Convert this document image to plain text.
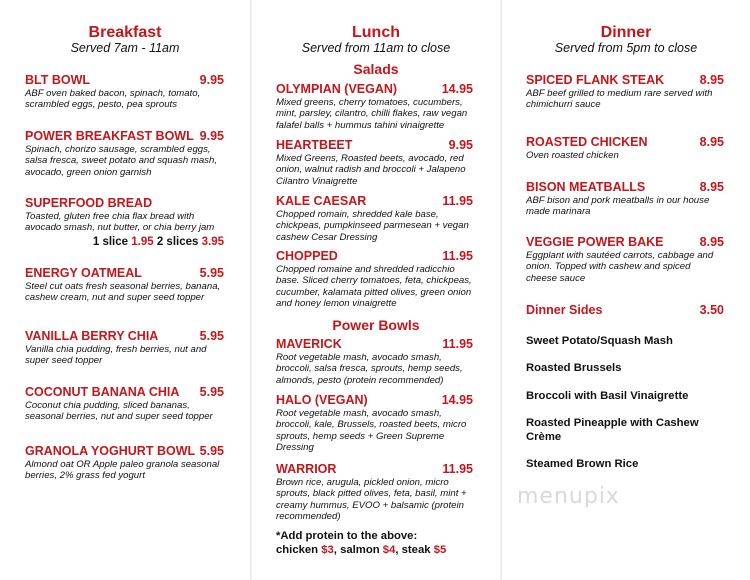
Breakfast
Served 7am - 11am
BLT BOWL	9.95
ABF oven baked bacon, spinach, tomato, scrambled eggs, pesto, pea sprouts
POWER BREAKFAST BOWL 9.95
Spinach, chorizo sausage, scrambled eggs, salsa fresca, sweet potato and squash mash, avocado, green onion garnish
SUPERFOOD BREAD
Toasted, gluten free chia flax bread with avocado smash, nut butter, or chia berry jam
1 slice 1.95 2 slices 3.95
ENERGY OATMEAL	5.95
Steel cut oats fresh seasonal berries, banana, cashew cream, nut and super seed topper
VANILLA BERRY CHIA	5.95
Vanilla chia pudding, fresh berries, nut and super seed topper
COCONUT BANANA CHIA 5.95
Coconut chia pudding, sliced bananas, seasonal berries, nut and super seed topper
GRANOLA YOGHURT BOWL 5.95
Almond oat OR Apple paleo granola seasonal berries, 2% grass fed yogurt
Lunch
Served from 11am to close
Salads
OLYMPIAN (VEGAN)	14.95
Mixed greens, cherry tomatoes, cucumbers, mint, parsley, cilantro, chilli flakes, raw vegan falafel balls + hummus tahini vinaigrette
HEARTBEET	9.95
Mixed Greens, Roasted beets, avocado, red onion, walnut radish and broccoli + Jalapeno Cilantro Vinaigrette
KALE CAESAR	11.95
Chopped romain, shredded kale base, chickpeas, pumpkinseed parmesean + vegan cashew Cesar Dressing
CHOPPED	11.95
Chopped romaine and shredded radicchio base. Sliced cherry tomatoes, feta, chickpeas, cucumber, kalamata pitted olives, green onion and honey lemon vinaigrette
Power Bowls
MAVERICK	11.95
Root vegetable mash, avocado smash, broccoli, salsa fresca, sprouts, hemp seeds, almonds, pesto (protein recommended)
HALO (VEGAN)	14.95
Root vegetable mash, avocado smash, broccoli, kale, Brussels, roasted beets, micro sprouts, hemp seeds + Green Supreme Dressing
WARRIOR	11.95
Brown rice, arugula, pickled onion, micro sprouts, black pitted olives, feta, basil, mint + creamy hummus, EVOO + balsamic (protein recommended)
*Add protein to the above:
chicken $3, salmon $4, steak $5
Dinner
Served from 5pm to close
SPICED FLANK STEAK	8.95
ABF beef grilled to medium rare served with chimichurri sauce
ROASTED CHICKEN	8.95
Oven roasted chicken
BISON MEATBALLS	8.95
ABF bison and pork meatballs in our house made marinara
VEGGIE POWER BAKE	8.95
Eggplant with sautéed carrots, cabbage and onion. Topped with cashew and spiced cheese sauce
Dinner Sides	3.50
Sweet Potato/Squash Mash
Roasted Brussels
Broccoli with Basil Vinaigrette
Roasted Pineapple with Cashew Crème
Steamed Brown Rice
menupix
